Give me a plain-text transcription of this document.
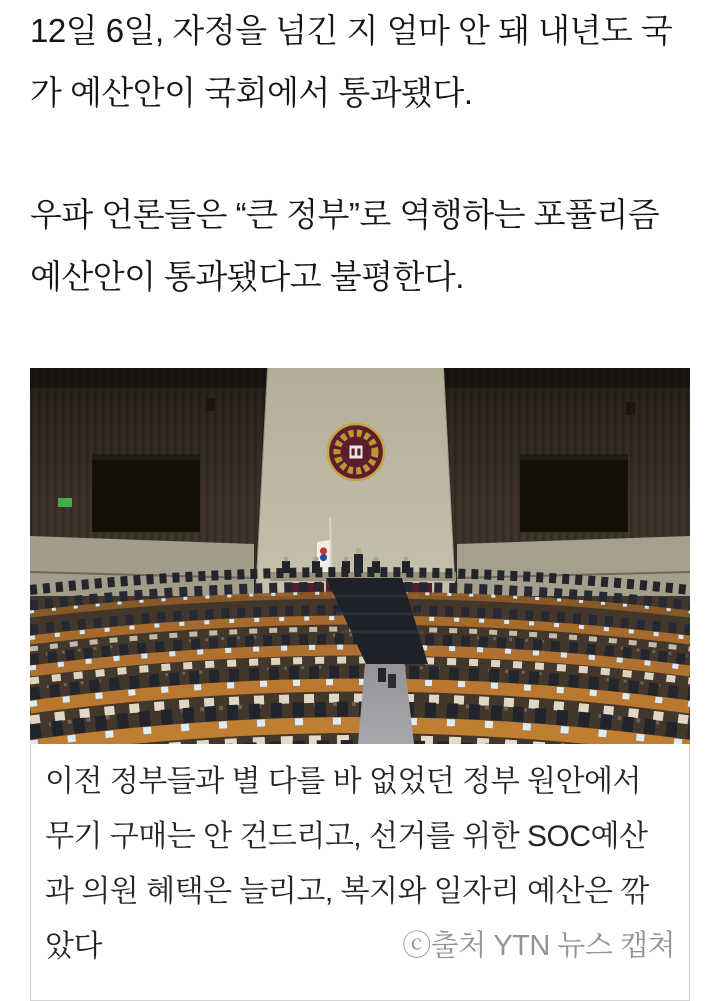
12일 6일, 자정을 넘긴 지 얼마 안 돼 내년도 국가 예산안이 국회에서 통과됐다.

우파 언론들은 “큰 정부”로 역행하는 포퓰리즘 예산안이 통과됐다고 불평한다.

이전 정부들과 별 다를 바 없었던 정부 원안에서 무기 구매는 안 건드리고, 선거를 위한 SOC예산과 의원 혜택은 늘리고, 복지와 일자리 예산은 깎았다	ⓒ출처 YTN 뉴스 캡쳐
